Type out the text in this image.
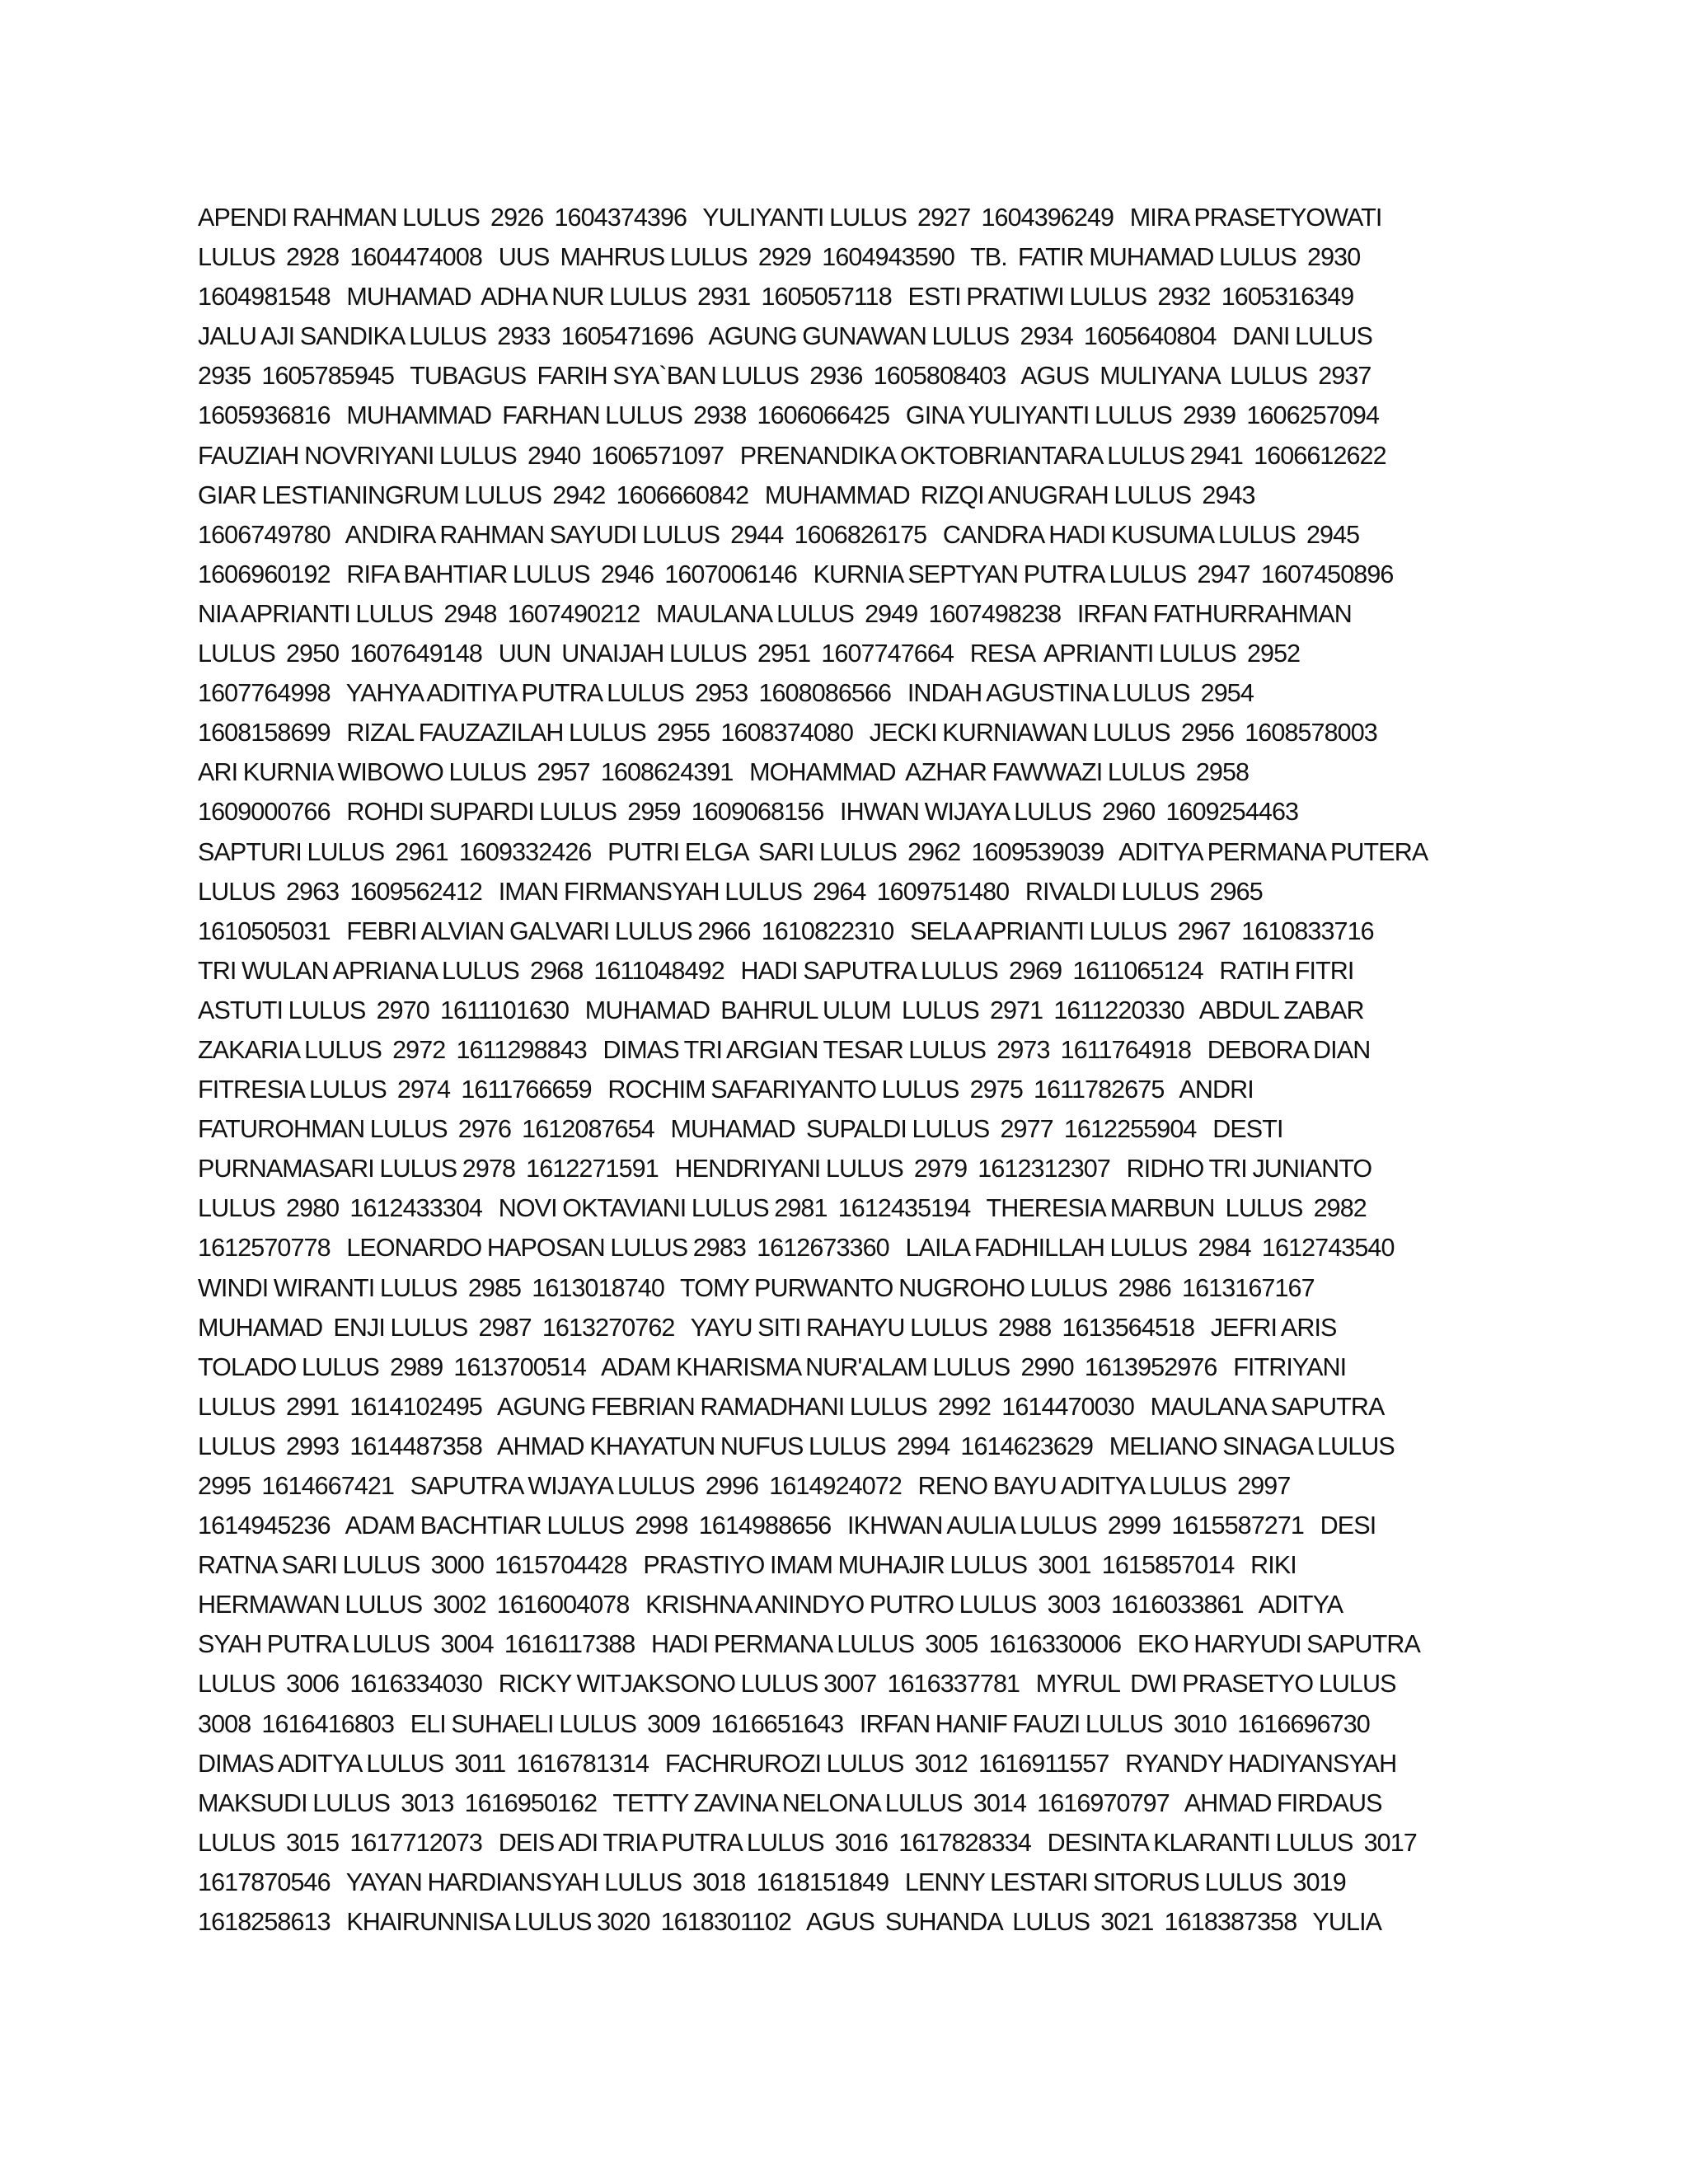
APENDI RAHMAN LULUS  2926  1604374396   YULIYANTI LULUS  2927  1604396249   MIRA PRASETYOWATI
LULUS  2928  1604474008   UUS  MAHRUS LULUS  2929  1604943590   TB.  FATIR MUHAMAD LULUS  2930
1604981548   MUHAMAD  ADHA NUR LULUS  2931  1605057118   ESTI PRATIWI LULUS  2932  1605316349
JALU AJI SANDIKA LULUS  2933  1605471696   AGUNG GUNAWAN LULUS  2934  1605640804   DANI LULUS
2935  1605785945   TUBAGUS  FARIH SYA`BAN LULUS  2936  1605808403   AGUS  MULIYANA  LULUS  2937
1605936816   MUHAMMAD  FARHAN LULUS  2938  1606066425   GINA YULIYANTI LULUS  2939  1606257094
FAUZIAH NOVRIYANI LULUS  2940  1606571097   PRENANDIKA OKTOBRIANTARA LULUS 2941  1606612622
GIAR LESTIANINGRUM LULUS  2942  1606660842   MUHAMMAD  RIZQI ANUGRAH LULUS  2943
1606749780   ANDIRA RAHMAN SAYUDI LULUS  2944  1606826175   CANDRA HADI KUSUMA LULUS  2945
1606960192   RIFA BAHTIAR LULUS  2946  1607006146   KURNIA SEPTYAN PUTRA LULUS  2947  1607450896
NIA APRIANTI LULUS  2948  1607490212   MAULANA LULUS  2949  1607498238   IRFAN FATHURRAHMAN
LULUS  2950  1607649148   UUN  UNAIJAH LULUS  2951  1607747664   RESA  APRIANTI LULUS  2952
1607764998   YAHYA ADITIYA PUTRA LULUS  2953  1608086566   INDAH AGUSTINA LULUS  2954
1608158699   RIZAL FAUZAZILAH LULUS  2955  1608374080   JECKI KURNIAWAN LULUS  2956  1608578003
ARI KURNIA WIBOWO LULUS  2957  1608624391   MOHAMMAD  AZHAR FAWWAZI LULUS  2958
1609000766   ROHDI SUPARDI LULUS  2959  1609068156   IHWAN WIJAYA LULUS  2960  1609254463
SAPTURI LULUS  2961  1609332426   PUTRI ELGA  SARI LULUS  2962  1609539039   ADITYA PERMANA PUTERA
LULUS  2963  1609562412   IMAN FIRMANSYAH LULUS  2964  1609751480   RIVALDI LULUS  2965
1610505031   FEBRI ALVIAN GALVARI LULUS 2966  1610822310   SELA APRIANTI LULUS  2967  1610833716
TRI WULAN APRIANA LULUS  2968  1611048492   HADI SAPUTRA LULUS  2969  1611065124   RATIH FITRI
ASTUTI LULUS  2970  1611101630   MUHAMAD  BAHRUL ULUM  LULUS  2971  1611220330   ABDUL ZABAR
ZAKARIA LULUS  2972  1611298843   DIMAS TRI ARGIAN TESAR LULUS  2973  1611764918   DEBORA DIAN
FITRESIA LULUS  2974  1611766659   ROCHIM SAFARIYANTO LULUS  2975  1611782675   ANDRI
FATUROHMAN LULUS  2976  1612087654   MUHAMAD  SUPALDI LULUS  2977  1612255904   DESTI
PURNAMASARI LULUS 2978  1612271591   HENDRIYANI LULUS  2979  1612312307   RIDHO TRI JUNIANTO
LULUS  2980  1612433304   NOVI OKTAVIANI LULUS 2981  1612435194   THERESIA MARBUN  LULUS  2982
1612570778   LEONARDO HAPOSAN LULUS 2983  1612673360   LAILA FADHILLAH LULUS  2984  1612743540
WINDI WIRANTI LULUS  2985  1613018740   TOMY PURWANTO NUGROHO LULUS  2986  1613167167
MUHAMAD  ENJI LULUS  2987  1613270762   YAYU SITI RAHAYU LULUS  2988  1613564518   JEFRI ARIS
TOLADO LULUS  2989  1613700514   ADAM KHARISMA NUR'ALAM LULUS  2990  1613952976   FITRIYANI
LULUS  2991  1614102495   AGUNG FEBRIAN RAMADHANI LULUS  2992  1614470030   MAULANA SAPUTRA
LULUS  2993  1614487358   AHMAD KHAYATUN NUFUS LULUS  2994  1614623629   MELIANO SINAGA LULUS
2995  1614667421   SAPUTRA WIJAYA LULUS  2996  1614924072   RENO BAYU ADITYA LULUS  2997
1614945236   ADAM BACHTIAR LULUS  2998  1614988656   IKHWAN AULIA LULUS  2999  1615587271   DESI
RATNA SARI LULUS  3000  1615704428   PRASTIYO IMAM MUHAJIR LULUS  3001  1615857014   RIKI
HERMAWAN LULUS  3002  1616004078   KRISHNA ANINDYO PUTRO LULUS  3003  1616033861   ADITYA
SYAH PUTRA LULUS  3004  1616117388   HADI PERMANA LULUS  3005  1616330006   EKO HARYUDI SAPUTRA
LULUS  3006  1616334030   RICKY WITJAKSONO LULUS 3007  1616337781   MYRUL  DWI PRASETYO LULUS
3008  1616416803   ELI SUHAELI LULUS  3009  1616651643   IRFAN HANIF FAUZI LULUS  3010  1616696730
DIMAS ADITYA LULUS  3011  1616781314   FACHRUROZI LULUS  3012  1616911557   RYANDY HADIYANSYAH
MAKSUDI LULUS  3013  1616950162   TETTY ZAVINA NELONA LULUS  3014  1616970797   AHMAD FIRDAUS
LULUS  3015  1617712073   DEIS ADI TRIA PUTRA LULUS  3016  1617828334   DESINTA KLARANTI LULUS  3017
1617870546   YAYAN HARDIANSYAH LULUS  3018  1618151849   LENNY LESTARI SITORUS LULUS  3019
1618258613   KHAIRUNNISA LULUS 3020  1618301102   AGUS  SUHANDA  LULUS  3021  1618387358   YULIA
